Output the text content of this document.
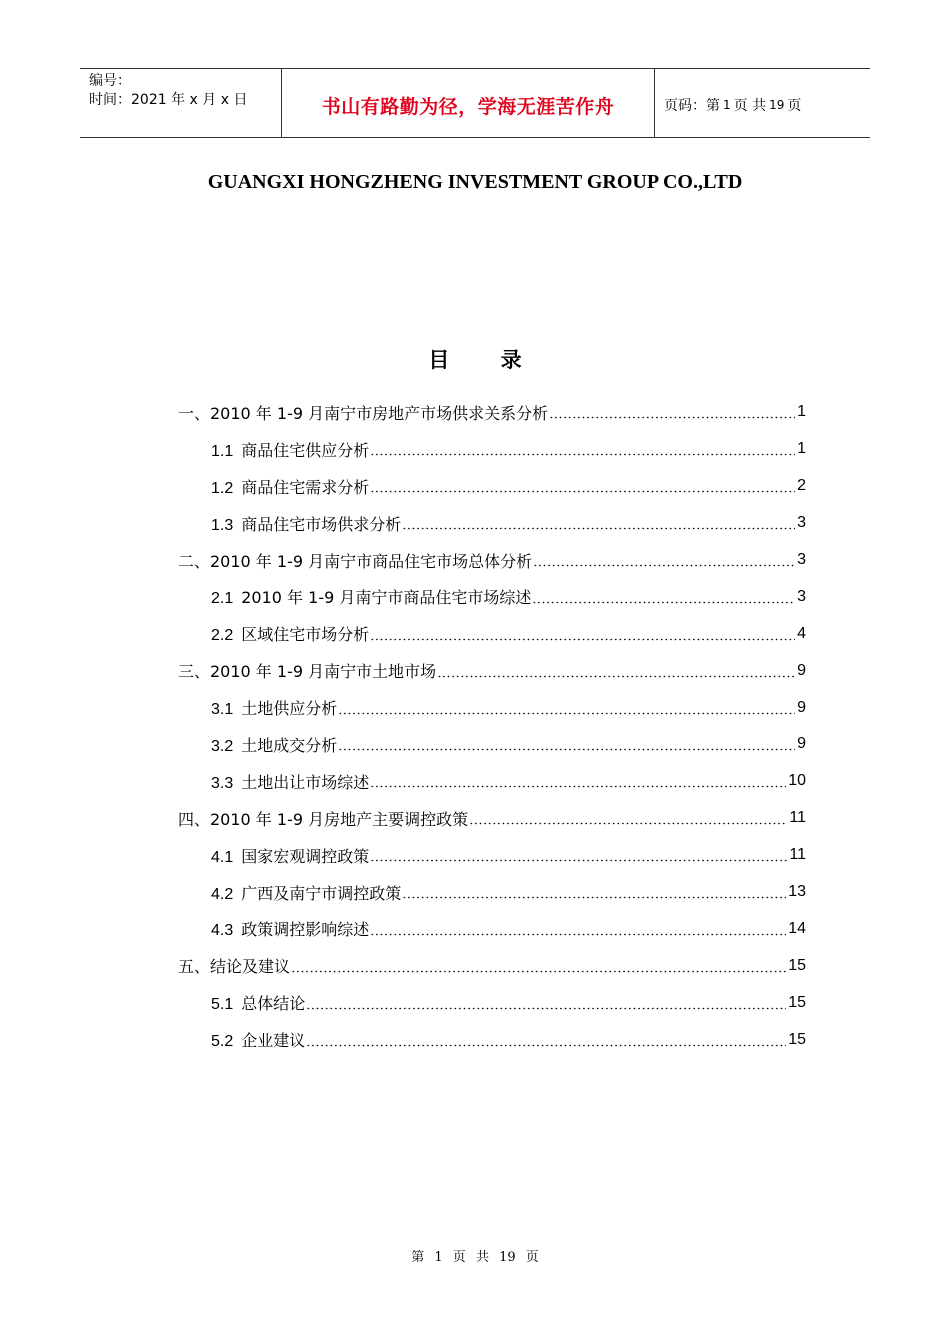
编号：
时间：2021 年 x 月 x 日	书山有路勤为径，学海无涯苦作舟	页码：第 1 页 共 19 页
GUANGXI HONGZHENG INVESTMENT GROUP CO.,LTD
目 录
一、2010 年 1-9 月南宁市房地产市场供求关系分析	1
1.1 商品住宅供应分析	1
1.2 商品住宅需求分析	2
1.3 商品住宅市场供求分析	3
二、2010 年 1-9 月南宁市商品住宅市场总体分析	3
2.1 2010 年 1-9 月南宁市商品住宅市场综述	3
2.2 区域住宅市场分析	4
三、2010 年 1-9 月南宁市土地市场	9
3.1 土地供应分析	9
3.2 土地成交分析	9
3.3 土地出让市场综述	10
四、2010 年 1-9 月房地产主要调控政策	11
4.1 国家宏观调控政策	11
4.2 广西及南宁市调控政策	13
4.3 政策调控影响综述	14
五、结论及建议	15
5.1 总体结论	15
5.2 企业建议	15
第 1 页 共 19 页
